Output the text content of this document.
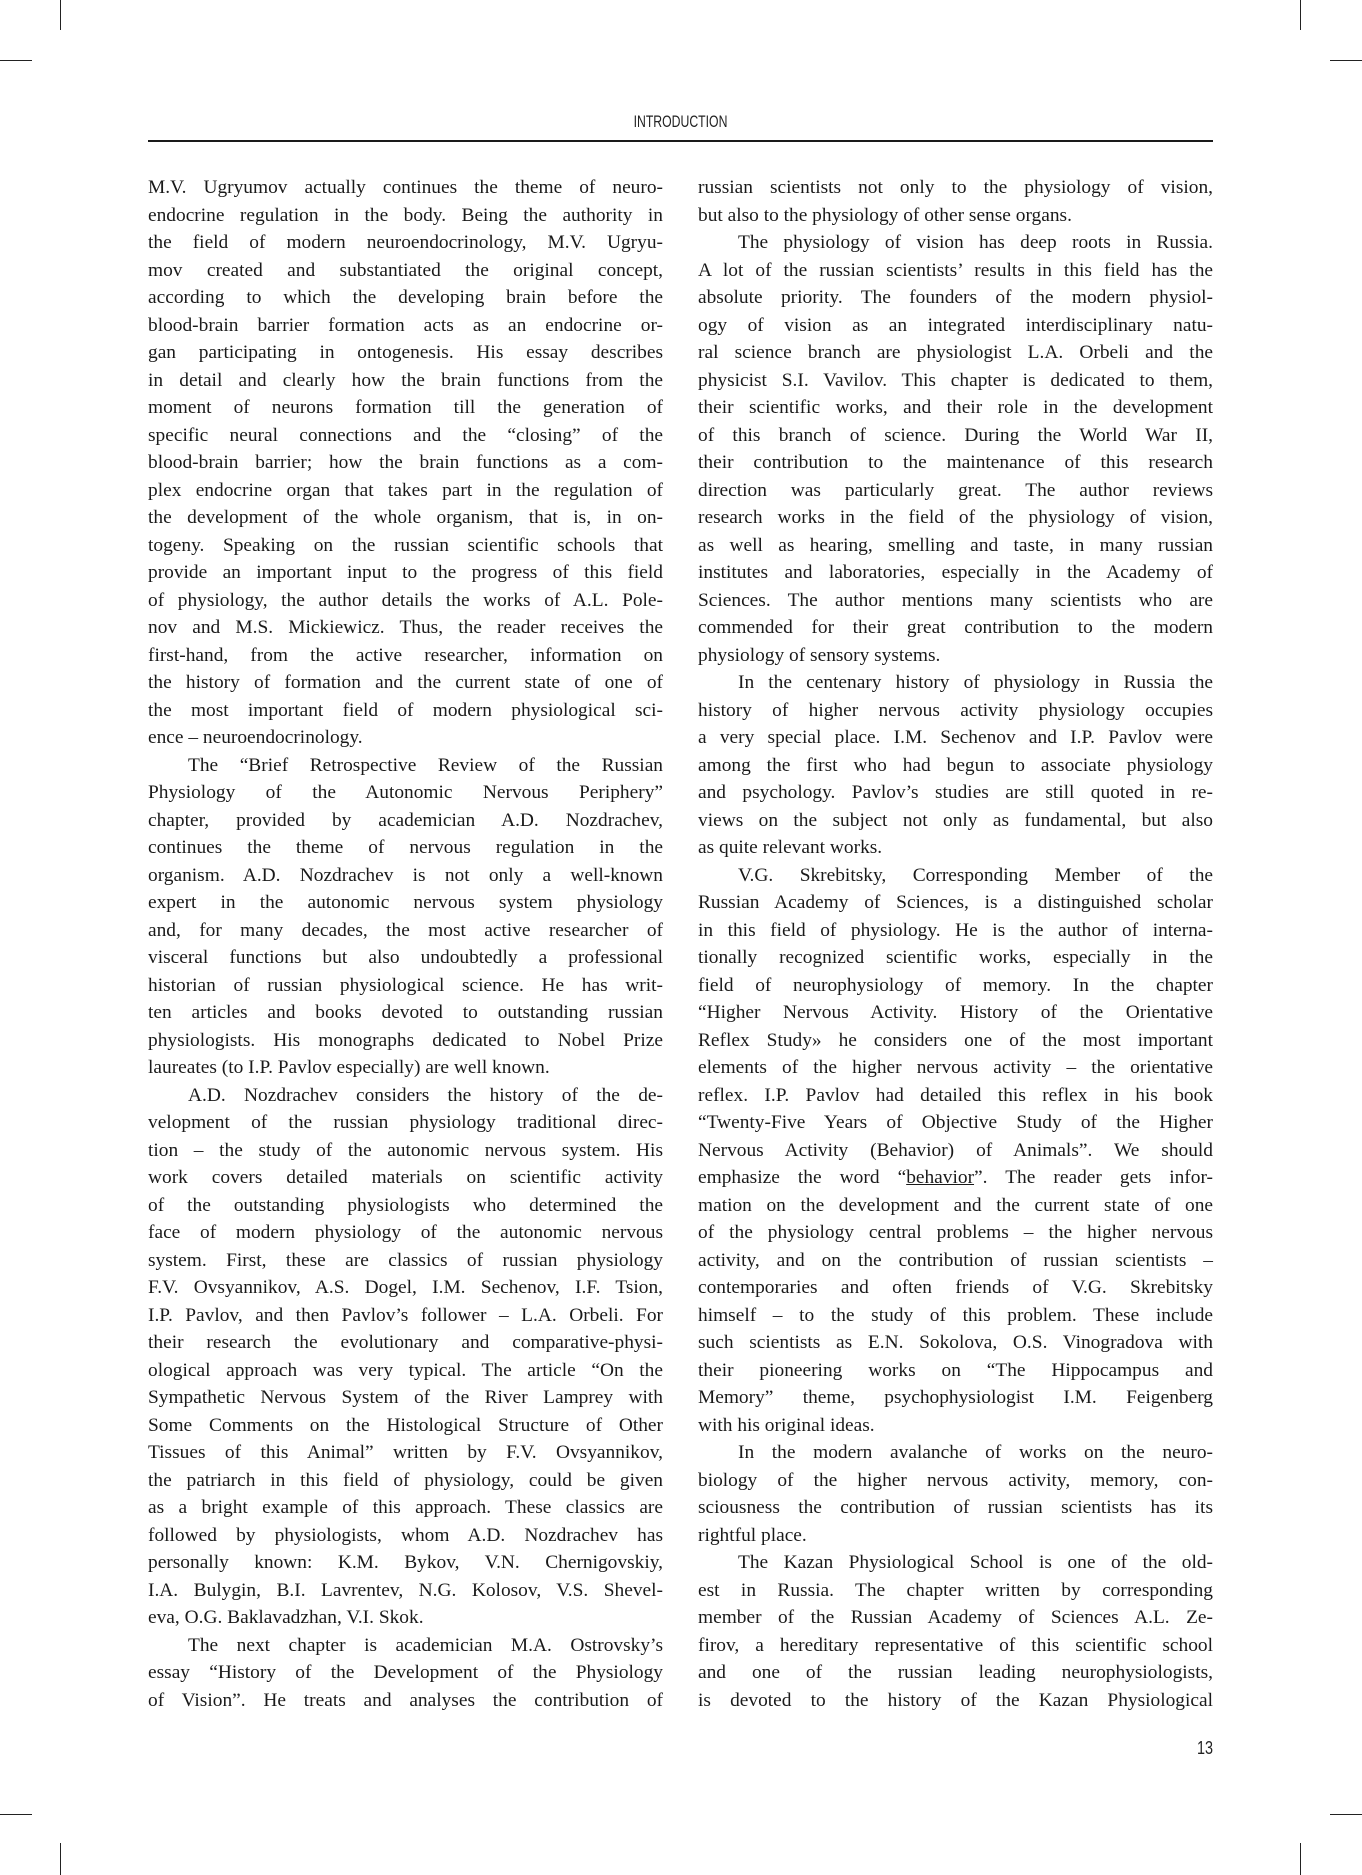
INTRODUCTION
M.V. Ugryumov actually continues the theme of neuro-
endocrine regulation in the body. Being the authority in
the field of modern neuroendocrinology, M.V. Ugryu-
mov created and substantiated the original concept,
according to which the developing brain before the
blood-brain barrier formation acts as an endocrine or-
gan participating in ontogenesis. His essay describes
in detail and clearly how the brain functions from the
moment of neurons formation till the generation of
specific neural connections and the “closing” of the
blood-brain barrier; how the brain functions as a com-
plex endocrine organ that takes part in the regulation of
the development of the whole organism, that is, in on-
togeny. Speaking on the russian scientific schools that
provide an important input to the progress of this field
of physiology, the author details the works of A.L. Pole-
nov and M.S. Mickiewicz. Thus, the reader receives the
first-hand, from the active researcher, information on
the history of formation and the current state of one of
the most important field of modern physiological sci-
ence – neuroendocrinology.
The “Brief Retrospective Review of the Russian
Physiology of the Autonomic Nervous Periphery”
chapter, provided by academician A.D. Nozdrachev,
continues the theme of nervous regulation in the
organism. A.D. Nozdrachev is not only a well-known
expert in the autonomic nervous system physiology
and, for many decades, the most active researcher of
visceral functions but also undoubtedly a professional
historian of russian physiological science. He has writ-
ten articles and books devoted to outstanding russian
physiologists. His monographs dedicated to Nobel Prize
laureates (to I.P. Pavlov especially) are well known.
A.D. Nozdrachev considers the history of the de-
velopment of the russian physiology traditional direc-
tion – the study of the autonomic nervous system. His
work covers detailed materials on scientific activity
of the outstanding physiologists who determined the
face of modern physiology of the autonomic nervous
system. First, these are classics of russian physiology
F.V. Ovsyannikov, A.S. Dogel, I.M. Sechenov, I.F. Tsion,
I.P. Pavlov, and then Pavlov’s follower – L.A. Orbeli. For
their research the evolutionary and comparative-physi-
ological approach was very typical. The article “On the
Sympathetic Nervous System of the River Lamprey with
Some Comments on the Histological Structure of Other
Tissues of this Animal” written by F.V. Ovsyannikov,
the patriarch in this field of physiology, could be given
as a bright example of this approach. These classics are
followed by physiologists, whom A.D. Nozdrachev has
personally known: K.M. Bykov, V.N. Chernigovskiy,
I.A. Bulygin, B.I. Lavrentev, N.G. Kolosov, V.S. Shevel-
eva, O.G. Baklavadzhan, V.I. Skok.
The next chapter is academician M.A. Ostrovsky’s
essay “History of the Development of the Physiology
of Vision”. He treats and analyses the contribution of
russian scientists not only to the physiology of vision,
but also to the physiology of other sense organs.
The physiology of vision has deep roots in Russia.
A lot of the russian scientists’ results in this field has the
absolute priority. The founders of the modern physiol-
ogy of vision as an integrated interdisciplinary natu-
ral science branch are physiologist L.A. Orbeli and the
physicist S.I. Vavilov. This chapter is dedicated to them,
their scientific works, and their role in the development
of this branch of science. During the World War II,
their contribution to the maintenance of this research
direction was particularly great. The author reviews
research works in the field of the physiology of vision,
as well as hearing, smelling and taste, in many russian
institutes and laboratories, especially in the Academy of
Sciences. The author mentions many scientists who are
commended for their great contribution to the modern
physiology of sensory systems.
In the centenary history of physiology in Russia the
history of higher nervous activity physiology occupies
a very special place. I.M. Sechenov and I.P. Pavlov were
among the first who had begun to associate physiology
and psychology. Pavlov’s studies are still quoted in re-
views on the subject not only as fundamental, but also
as quite relevant works.
V.G. Skrebitsky, Corresponding Member of the
Russian Academy of Sciences, is a distinguished scholar
in this field of physiology. He is the author of interna-
tionally recognized scientific works, especially in the
field of neurophysiology of memory. In the chapter
“Higher Nervous Activity. History of the Orientative
Reflex Study» he considers one of the most important
elements of the higher nervous activity – the orientative
reflex. I.P. Pavlov had detailed this reflex in his book
“Twenty-Five Years of Objective Study of the Higher
Nervous Activity (Behavior) of Animals”. We should
emphasize the word “behavior”. The reader gets infor-
mation on the development and the current state of one
of the physiology central problems – the higher nervous
activity, and on the contribution of russian scientists –
contemporaries and often friends of V.G. Skrebitsky
himself – to the study of this problem. These include
such scientists as E.N. Sokolova, O.S. Vinogradova with
their pioneering works on “The Hippocampus and
Memory” theme, psychophysiologist I.M. Feigenberg
with his original ideas.
In the modern avalanche of works on the neuro-
biology of the higher nervous activity, memory, con-
sciousness the contribution of russian scientists has its
rightful place.
The Kazan Physiological School is one of the old-
est in Russia. The chapter written by corresponding
member of the Russian Academy of Sciences A.L. Ze-
firov, a hereditary representative of this scientific school
and one of the russian leading neurophysiologists,
is devoted to the history of the Kazan Physiological
13
